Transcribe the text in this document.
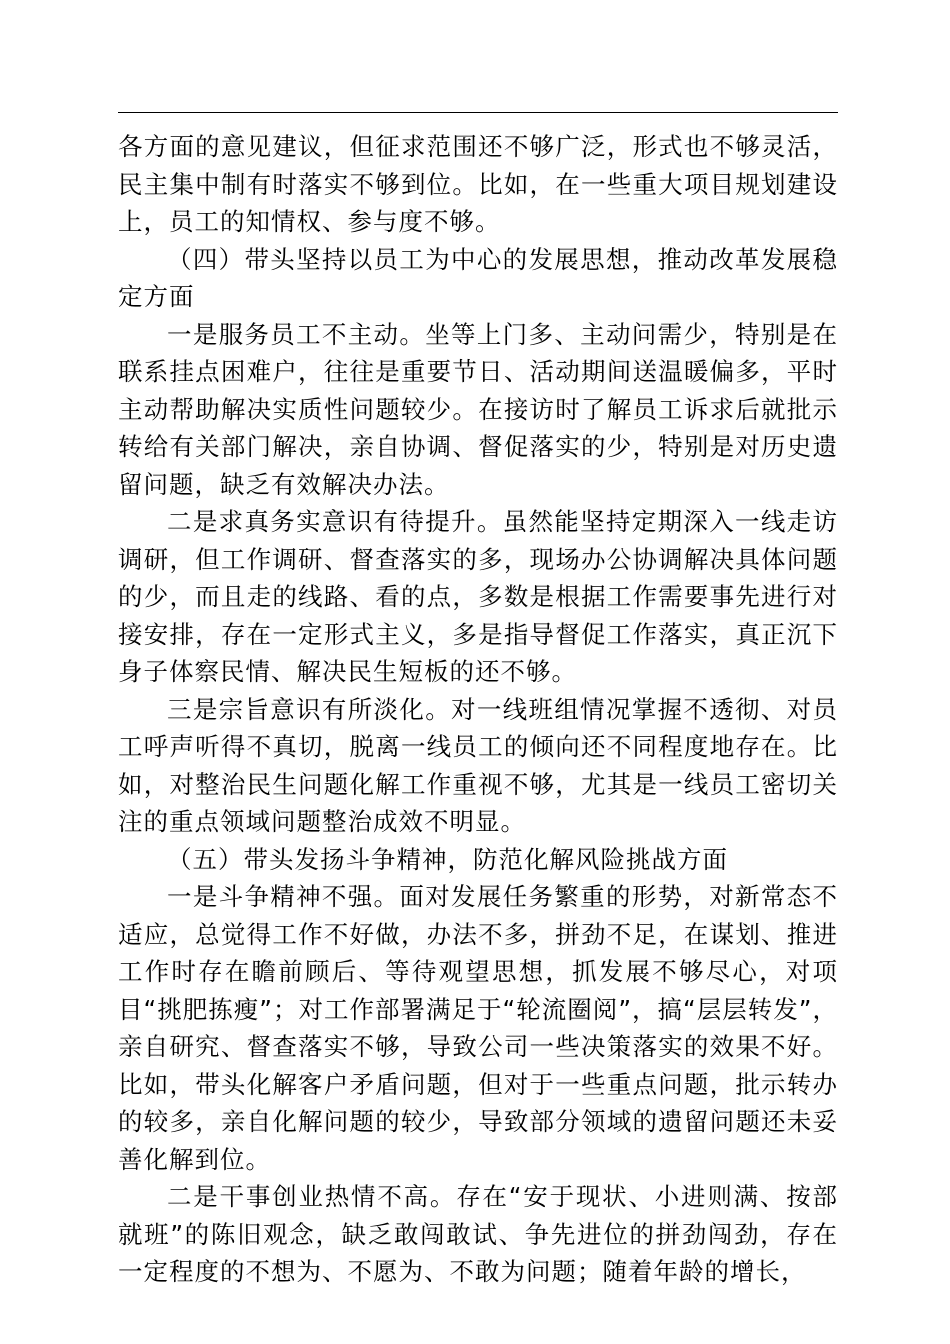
各方面的意见建议，但征求范围还不够广泛，形式也不够灵活，民主集中制有时落实不够到位。比如，在一些重大项目规划建设上，员工的知情权、参与度不够。

（四）带头坚持以员工为中心的发展思想，推动改革发展稳定方面

一是服务员工不主动。坐等上门多、主动问需少，特别是在联系挂点困难户，往往是重要节日、活动期间送温暖偏多，平时主动帮助解决实质性问题较少。在接访时了解员工诉求后就批示转给有关部门解决，亲自协调、督促落实的少，特别是对历史遗留问题，缺乏有效解决办法。

二是求真务实意识有待提升。虽然能坚持定期深入一线走访调研，但工作调研、督查落实的多，现场办公协调解决具体问题的少，而且走的线路、看的点，多数是根据工作需要事先进行对接安排，存在一定形式主义，多是指导督促工作落实，真正沉下身子体察民情、解决民生短板的还不够。

三是宗旨意识有所淡化。对一线班组情况掌握不透彻、对员工呼声听得不真切，脱离一线员工的倾向还不同程度地存在。比如，对整治民生问题化解工作重视不够，尤其是一线员工密切关注的重点领域问题整治成效不明显。

（五）带头发扬斗争精神，防范化解风险挑战方面

一是斗争精神不强。面对发展任务繁重的形势，对新常态不适应，总觉得工作不好做，办法不多，拼劲不足，在谋划、推进工作时存在瞻前顾后、等待观望思想，抓发展不够尽心，对项目“挑肥拣瘦”；对工作部署满足于“轮流圈阅”，搞“层层转发”，亲自研究、督查落实不够，导致公司一些决策落实的效果不好。比如，带头化解客户矛盾问题，但对于一些重点问题，批示转办的较多，亲自化解问题的较少，导致部分领域的遗留问题还未妥善化解到位。

二是干事创业热情不高。存在“安于现状、小进则满、按部就班”的陈旧观念，缺乏敢闯敢试、争先进位的拼劲闯劲，存在一定程度的不想为、不愿为、不敢为问题；随着年龄的增长，
